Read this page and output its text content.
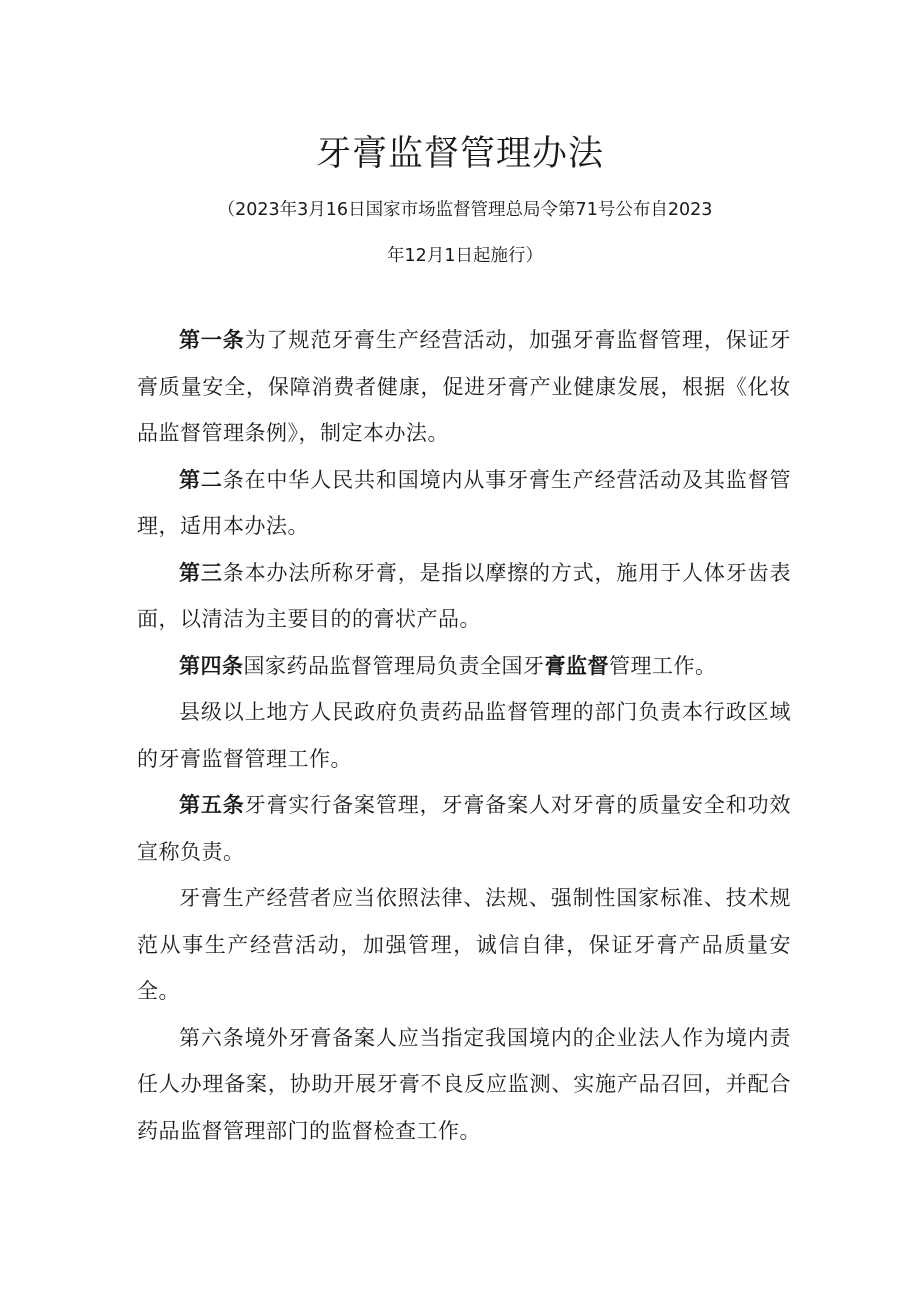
牙膏监督管理办法
（2023年3月16日国家市场监督管理总局令第71号公布自2023
年12月1日起施行）

第一条为了规范牙膏生产经营活动，加强牙膏监督管理，保证牙膏质量安全，保障消费者健康，促进牙膏产业健康发展，根据《化妆品监督管理条例》，制定本办法。

第二条在中华人民共和国境内从事牙膏生产经营活动及其监督管理，适用本办法。

第三条本办法所称牙膏，是指以摩擦的方式，施用于人体牙齿表面，以清洁为主要目的的膏状产品。

第四条国家药品监督管理局负责全国牙膏监督管理工作。

县级以上地方人民政府负责药品监督管理的部门负责本行政区域的牙膏监督管理工作。

第五条牙膏实行备案管理，牙膏备案人对牙膏的质量安全和功效宣称负责。

牙膏生产经营者应当依照法律、法规、强制性国家标准、技术规范从事生产经营活动，加强管理，诚信自律，保证牙膏产品质量安全。

第六条境外牙膏备案人应当指定我国境内的企业法人作为境内责任人办理备案，协助开展牙膏不良反应监测、实施产品召回，并配合药品监督管理部门的监督检查工作。
